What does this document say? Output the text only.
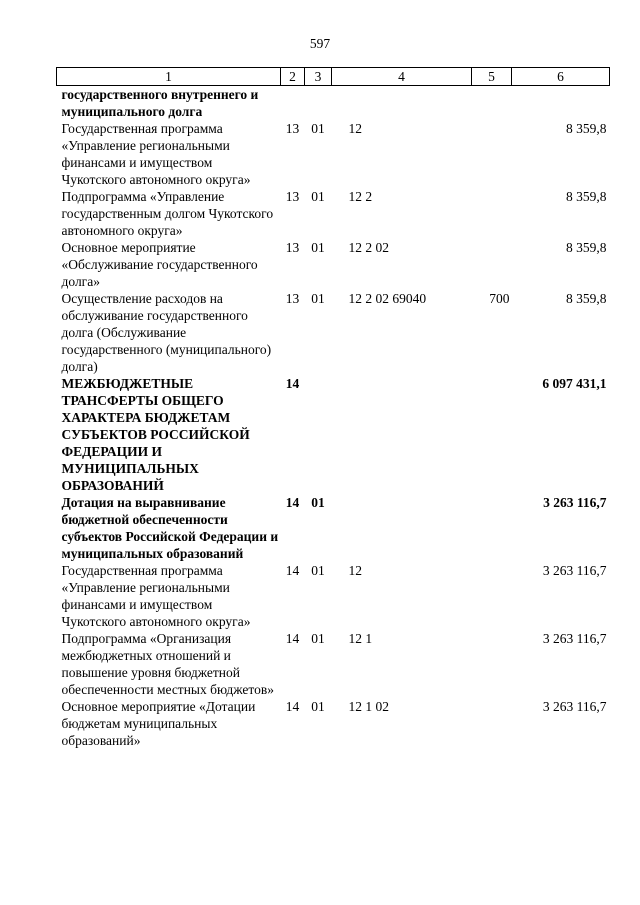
597
1	2	3	4	5	6
государственного внутреннего и муниципального долга					
Государственная программа «Управление региональными финансами и имуществом Чукотского автономного округа»	13	01	12		8 359,8
Подпрограмма «Управление государственным долгом Чукотского автономного округа»	13	01	12 2		8 359,8
Основное мероприятие «Обслуживание государственного долга»	13	01	12 2 02		8 359,8
Осуществление расходов на обслуживание государственного долга (Обслуживание государственного (муниципального) долга)	13	01	12 2 02 69040	700	8 359,8
МЕЖБЮДЖЕТНЫЕ ТРАНСФЕРТЫ ОБЩЕГО ХАРАКТЕРА БЮДЖЕТАМ СУБЪЕКТОВ РОССИЙСКОЙ ФЕДЕРАЦИИ И МУНИЦИПАЛЬНЫХ ОБРАЗОВАНИЙ	14				6 097 431,1
Дотация на выравнивание бюджетной обеспеченности субъектов Российской Федерации и муниципальных образований	14	01			3 263 116,7
Государственная программа «Управление региональными финансами и имуществом Чукотского автономного округа»	14	01	12		3 263 116,7
Подпрограмма «Организация межбюджетных отношений и повышение уровня бюджетной обеспеченности местных бюджетов»	14	01	12 1		3 263 116,7
Основное мероприятие «Дотации бюджетам муниципальных образований»	14	01	12 1 02		3 263 116,7
